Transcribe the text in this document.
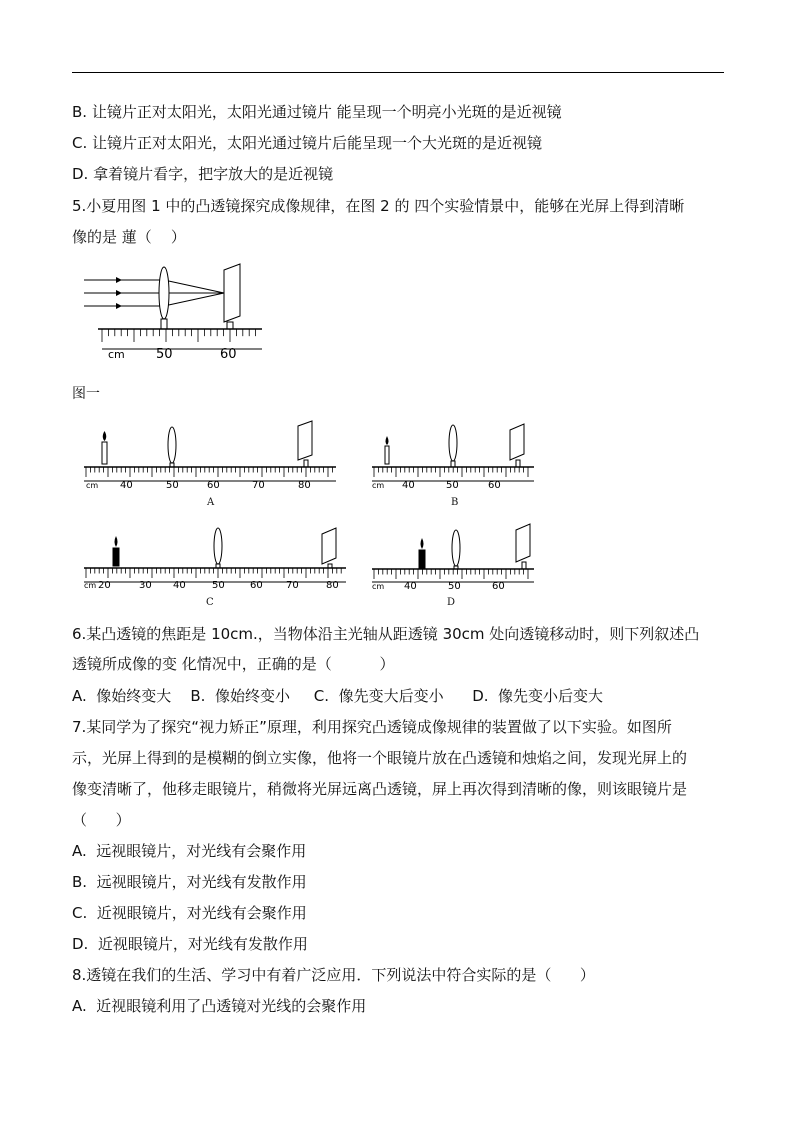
B. 让镜片正对太阳光，太阳光通过镜片 能呈现一个明亮小光斑的是近视镜
C. 让镜片正对太阳光，太阳光通过镜片后能呈现一个大光斑的是近视镜
D. 拿着镜片看字，把字放大的是近视镜
5.小夏用图 1 中的凸透镜探究成像规律，在图 2 的 四个实验情景中，能够在光屏上得到清晰
像的是 蓮（    ）
cm 50	60
图一
cm 40	50	60	70	80
A
cm 40	50	60
B
cm 20	30 40	50	60 70	80
C
cm 40	50	60
D
6.某凸透镜的焦距是 10cm.，当物体沿主光轴从距透镜 30cm 处向透镜移动时，则下列叙述凸
透镜所成像的变 化情况中，正确的是（          ）
A.  像始终变大    B.  像始终变小     C.  像先变大后变小      D.  像先变小后变大
7.某同学为了探究“视力矫正”原理，利用探究凸透镜成像规律的装置做了以下实验。如图所
示，光屏上得到的是模糊的倒立实像，他将一个眼镜片放在凸透镜和烛焰之间，发现光屏上的
像变清晰了，他移走眼镜片，稍微将光屏远离凸透镜，屏上再次得到清晰的像，则该眼镜片是
（      ）
A.  远视眼镜片，对光线有会聚作用
B.  远视眼镜片，对光线有发散作用
C.  近视眼镜片，对光线有会聚作用
D.  近视眼镜片，对光线有发散作用
8.透镜在我们的生活、学习中有着广泛应用．下列说法中符合实际的是（      ）
A.  近视眼镜利用了凸透镜对光线的会聚作用
